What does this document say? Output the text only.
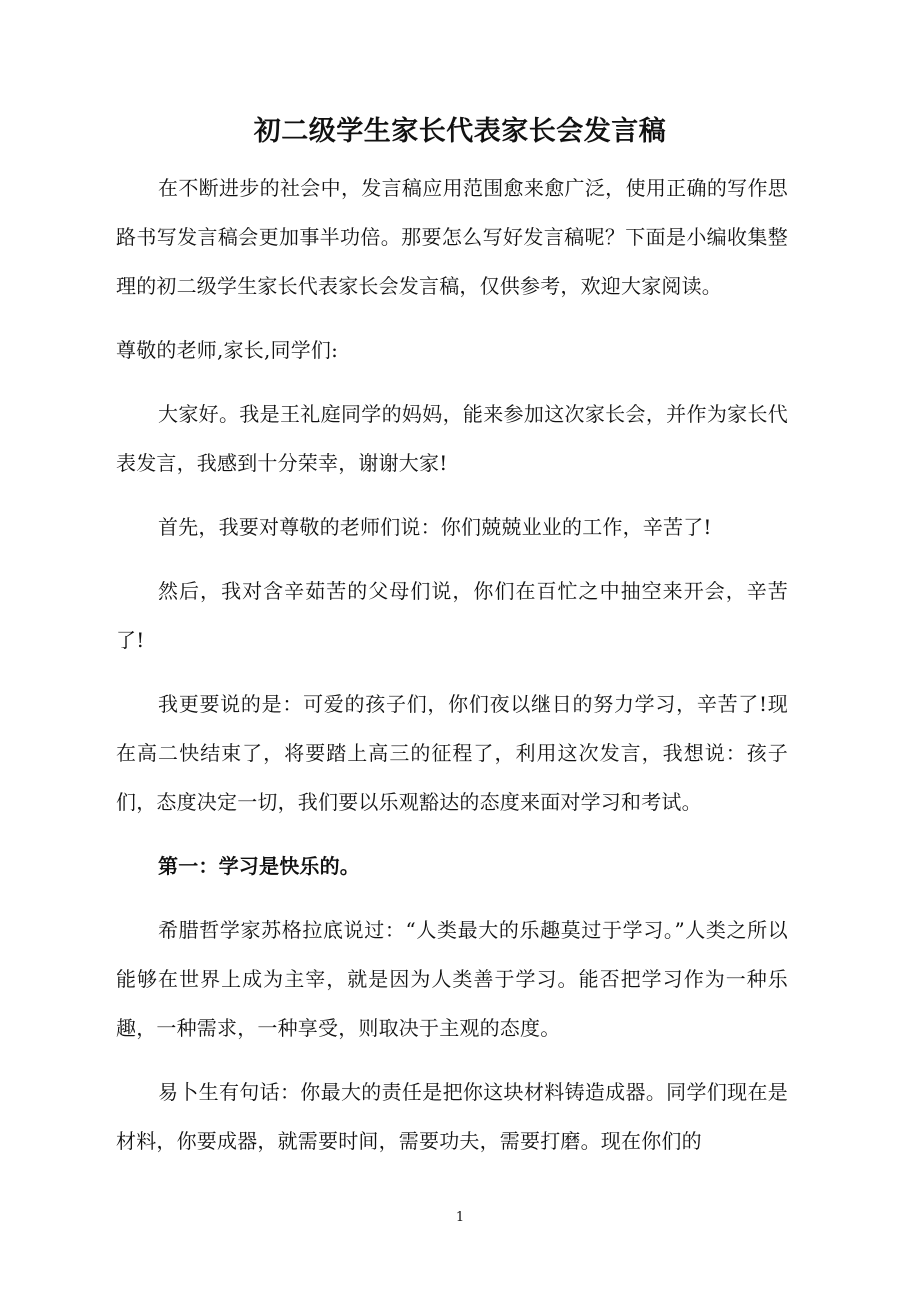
初二级学生家长代表家长会发言稿

在不断进步的社会中，发言稿应用范围愈来愈广泛，使用正确的写作思路书写发言稿会更加事半功倍。那要怎么写好发言稿呢？下面是小编收集整理的初二级学生家长代表家长会发言稿，仅供参考，欢迎大家阅读。

尊敬的老师,家长,同学们:

大家好。我是王礼庭同学的妈妈，能来参加这次家长会，并作为家长代表发言，我感到十分荣幸，谢谢大家!

首先，我要对尊敬的老师们说：你们兢兢业业的工作，辛苦了!

然后，我对含辛茹苦的父母们说，你们在百忙之中抽空来开会，辛苦了!

我更要说的是：可爱的孩子们，你们夜以继日的努力学习，辛苦了!现在高二快结束了，将要踏上高三的征程了，利用这次发言，我想说：孩子们，态度决定一切，我们要以乐观豁达的态度来面对学习和考试。

第一：学习是快乐的。

希腊哲学家苏格拉底说过：“人类最大的乐趣莫过于学习。”人类之所以能够在世界上成为主宰，就是因为人类善于学习。能否把学习作为一种乐趣，一种需求，一种享受，则取决于主观的态度。

易卜生有句话：你最大的责任是把你这块材料铸造成器。同学们现在是材料，你要成器，就需要时间，需要功夫，需要打磨。现在你们的

1
